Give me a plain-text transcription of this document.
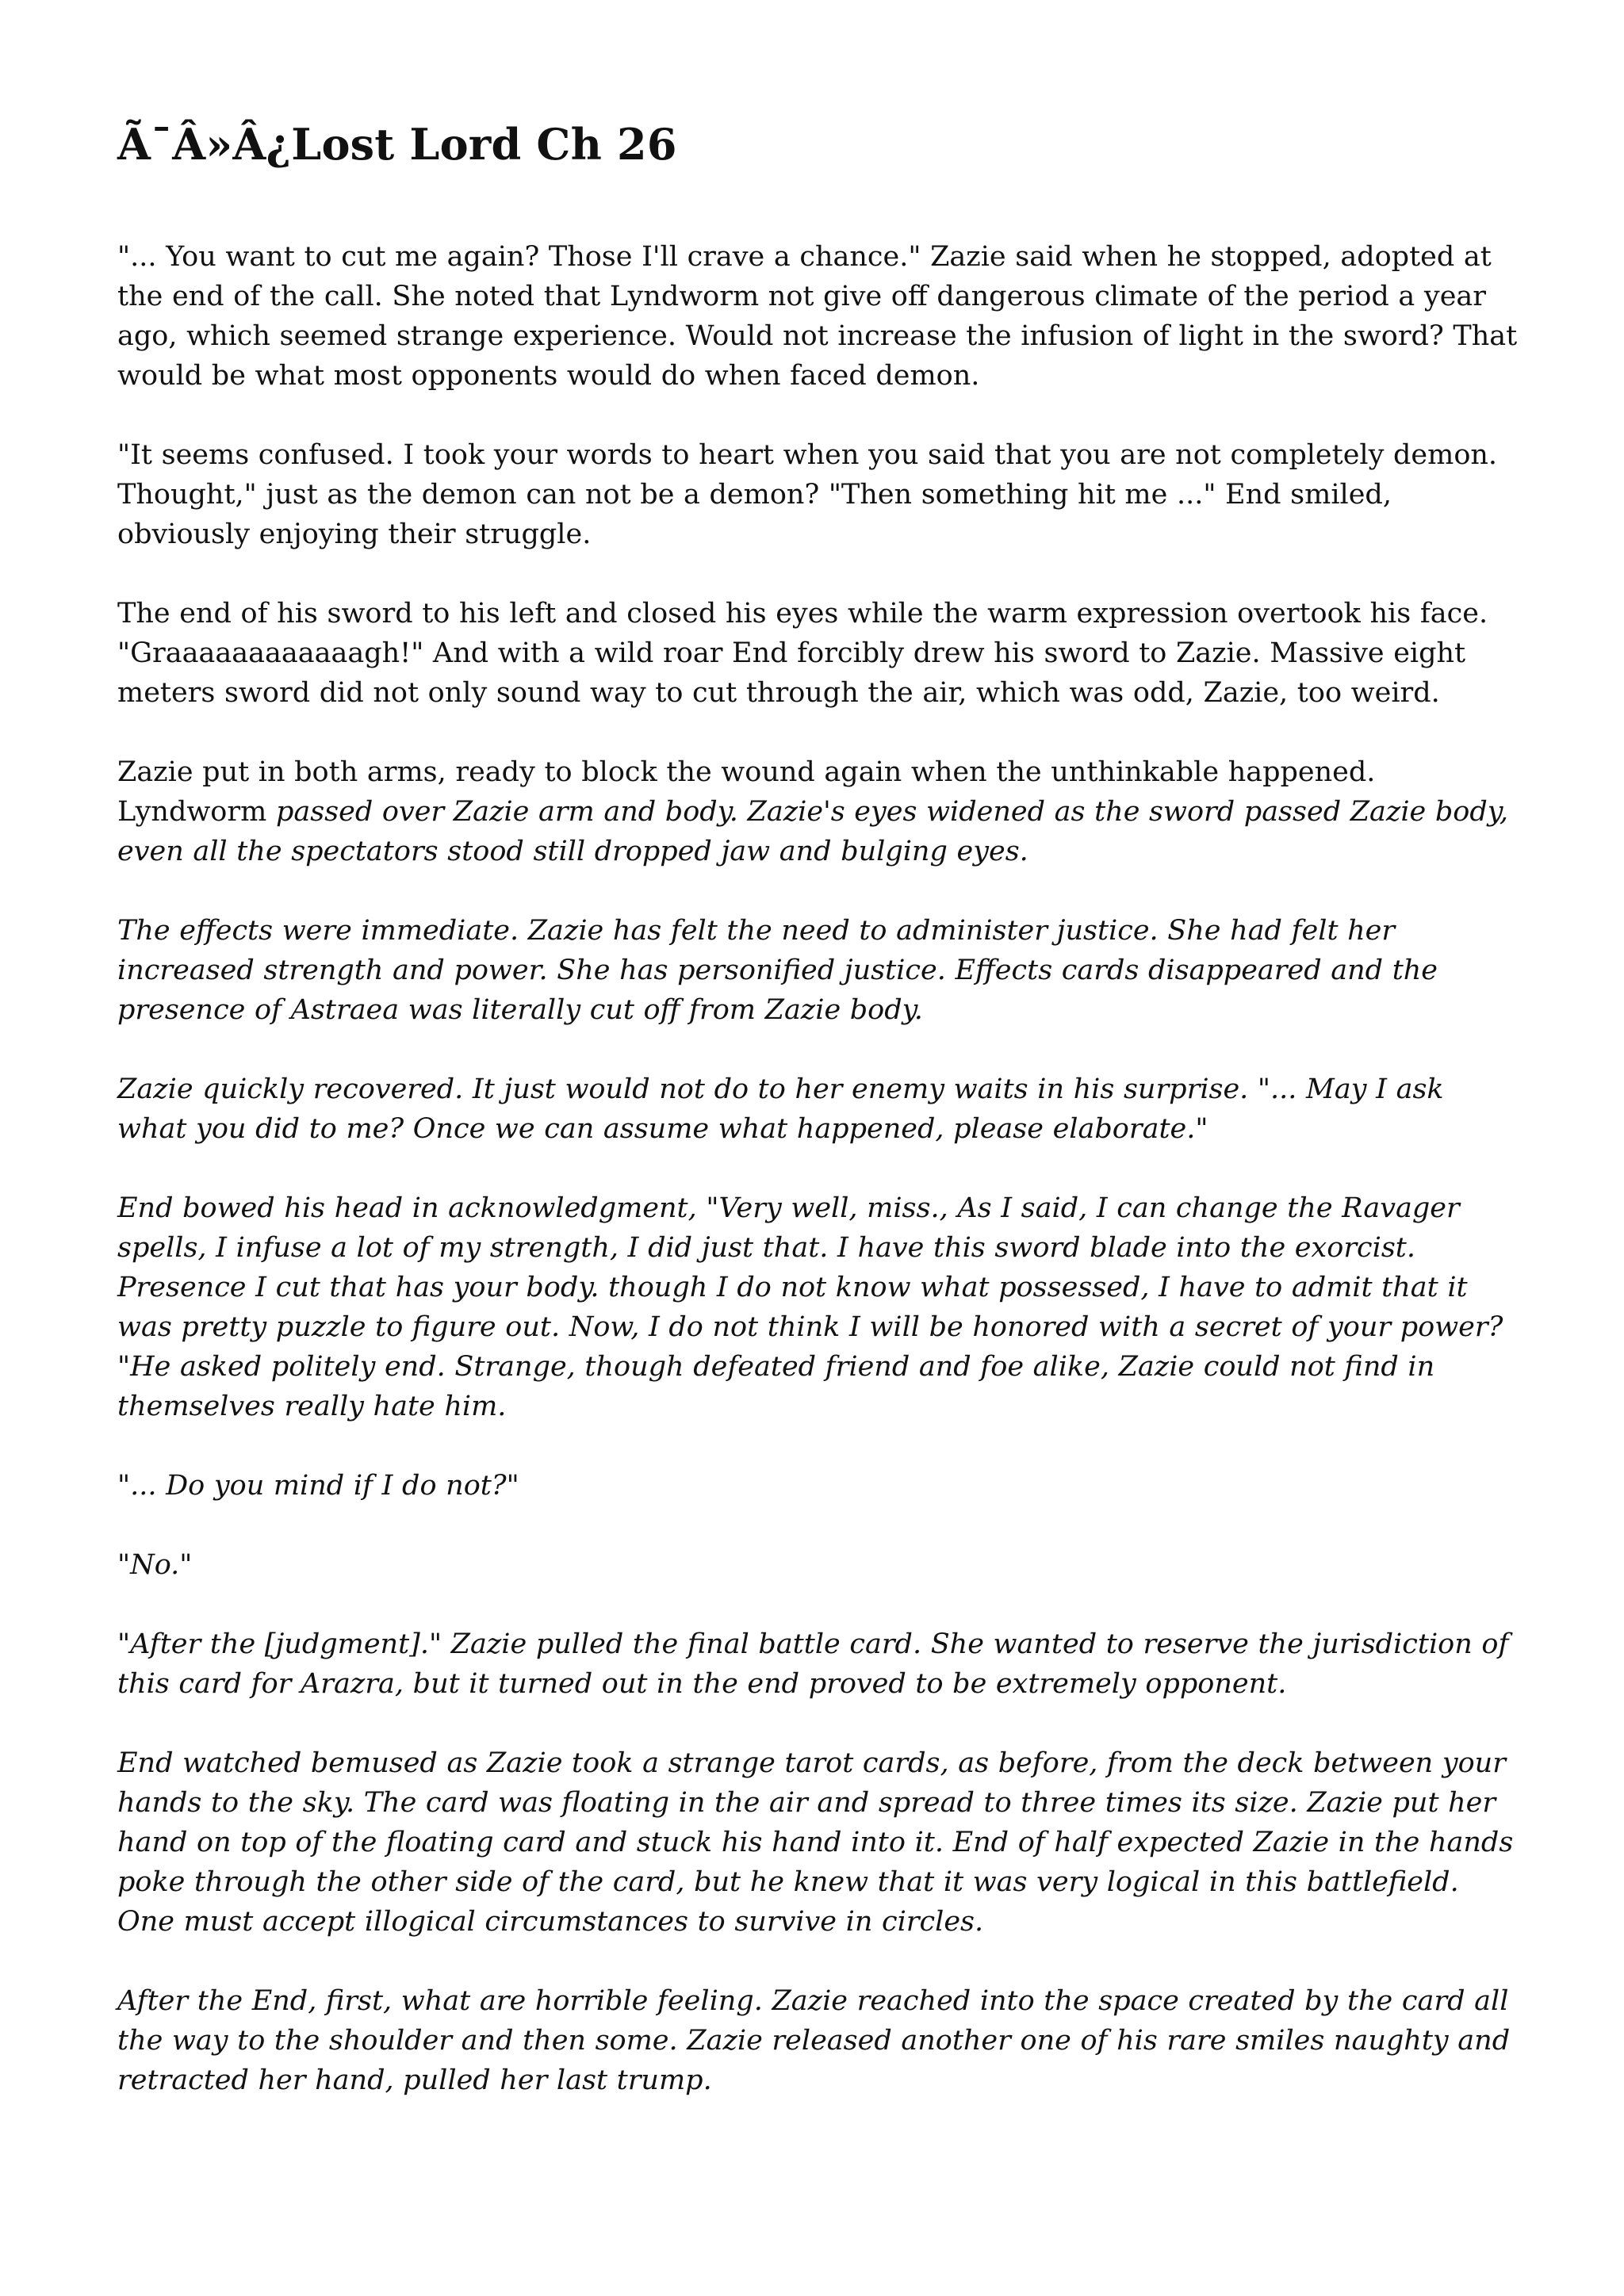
Ã¯Â»Â¿Lost Lord Ch 26

"... You want to cut me again? Those I'll crave a chance." Zazie said when he stopped, adopted at the end of the call. She noted that Lyndworm not give off dangerous climate of the period a year ago, which seemed strange experience. Would not increase the infusion of light in the sword? That would be what most opponents would do when faced demon.

"It seems confused. I took your words to heart when you said that you are not completely demon. Thought," just as the demon can not be a demon? "Then something hit me ..." End smiled, obviously enjoying their struggle.

The end of his sword to his left and closed his eyes while the warm expression overtook his face. "Graaaaaaaaaaaagh!" And with a wild roar End forcibly drew his sword to Zazie. Massive eight meters sword did not only sound way to cut through the air, which was odd, Zazie, too weird.

Zazie put in both arms, ready to block the wound again when the unthinkable happened. Lyndworm passed over Zazie arm and body. Zazie's eyes widened as the sword passed Zazie body, even all the spectators stood still dropped jaw and bulging eyes.

The effects were immediate. Zazie has felt the need to administer justice. She had felt her increased strength and power. She has personified justice. Effects cards disappeared and the presence of Astraea was literally cut off from Zazie body.

Zazie quickly recovered. It just would not do to her enemy waits in his surprise. "... May I ask what you did to me? Once we can assume what happened, please elaborate."

End bowed his head in acknowledgment, "Very well, miss., As I said, I can change the Ravager spells, I infuse a lot of my strength, I did just that. I have this sword blade into the exorcist. Presence I cut that has your body. though I do not know what possessed, I have to admit that it was pretty puzzle to figure out. Now, I do not think I will be honored with a secret of your power? "He asked politely end. Strange, though defeated friend and foe alike, Zazie could not find in themselves really hate him.

"... Do you mind if I do not?"

"No."

"After the [judgment]." Zazie pulled the final battle card. She wanted to reserve the jurisdiction of this card for Arazra, but it turned out in the end proved to be extremely opponent.

End watched bemused as Zazie took a strange tarot cards, as before, from the deck between your hands to the sky. The card was floating in the air and spread to three times its size. Zazie put her hand on top of the floating card and stuck his hand into it. End of half expected Zazie in the hands poke through the other side of the card, but he knew that it was very logical in this battlefield. One must accept illogical circumstances to survive in circles.

After the End, first, what are horrible feeling. Zazie reached into the space created by the card all the way to the shoulder and then some. Zazie released another one of his rare smiles naughty and retracted her hand, pulled her last trump.
